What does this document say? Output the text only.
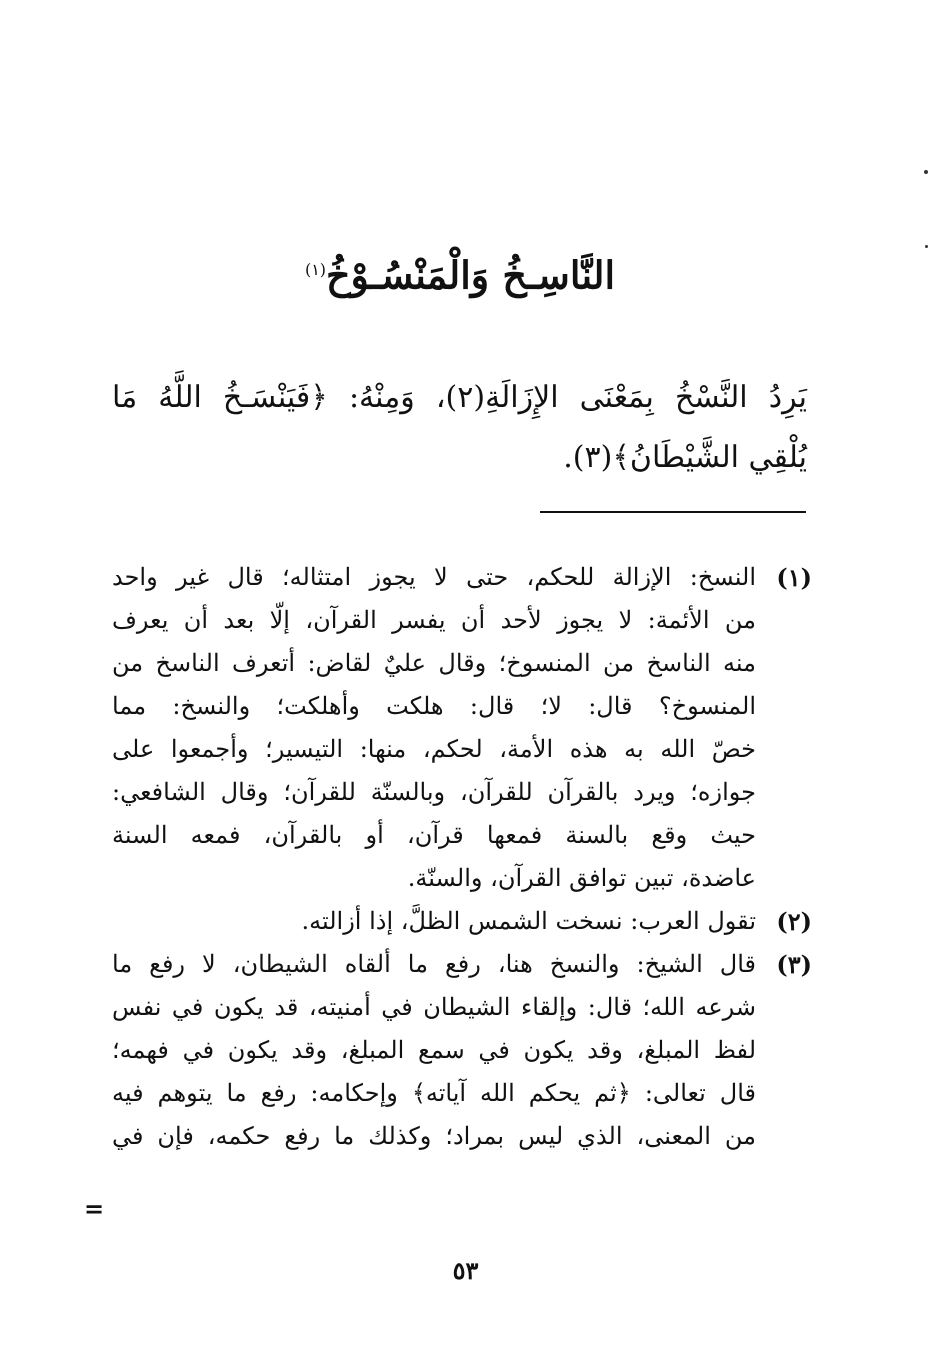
النَّاسِـخُ وَالْمَنْسُـوْخُ$^{(١)}$
يَرِدُ النَّسْخُ بِمَعْنَى الإِزَالَةِ(٢)، وَمِنْهُ: ﴿فَيَنْسَـخُ اللَّهُ مَا
يُلْقِي الشَّيْطَانُ﴾(٣).
(١)
النسخ: الإزالة للحكم، حتى لا يجوز امتثاله؛ قال غير واحد
من الأئمة: لا يجوز لأحد أن يفسر القرآن، إلّا بعد أن يعرف
منه الناسخ من المنسوخ؛ وقال عليٌ لقاض: أتعرف الناسخ من
المنسوخ؟ قال: لا؛ قال: هلكت وأهلكت؛ والنسخ: مما
خصّ الله به هذه الأمة، لحكم، منها: التيسير؛ وأجمعوا على
جوازه؛ ويرد بالقرآن للقرآن، وبالسنّة للقرآن؛ وقال الشافعي:
حيث وقع بالسنة فمعها قرآن، أو بالقرآن، فمعه السنة
عاضدة، تبين توافق القرآن، والسنّة.
(٢)
تقول العرب: نسخت الشمس الظلَّ، إذا أزالته.
(٣)
قال الشيخ: والنسخ هنا، رفع ما ألقاه الشيطان، لا رفع ما
شرعه الله؛ قال: وإلقاء الشيطان في أمنيته، قد يكون في نفس
لفظ المبلغ، وقد يكون في سمع المبلغ، وقد يكون في فهمه؛
قال تعالى: ﴿ثم يحكم الله آياته﴾ وإحكامه: رفع ما يتوهم فيه
من المعنى، الذي ليس بمراد؛ وكذلك ما رفع حكمه، فإن في
=
٥٣
